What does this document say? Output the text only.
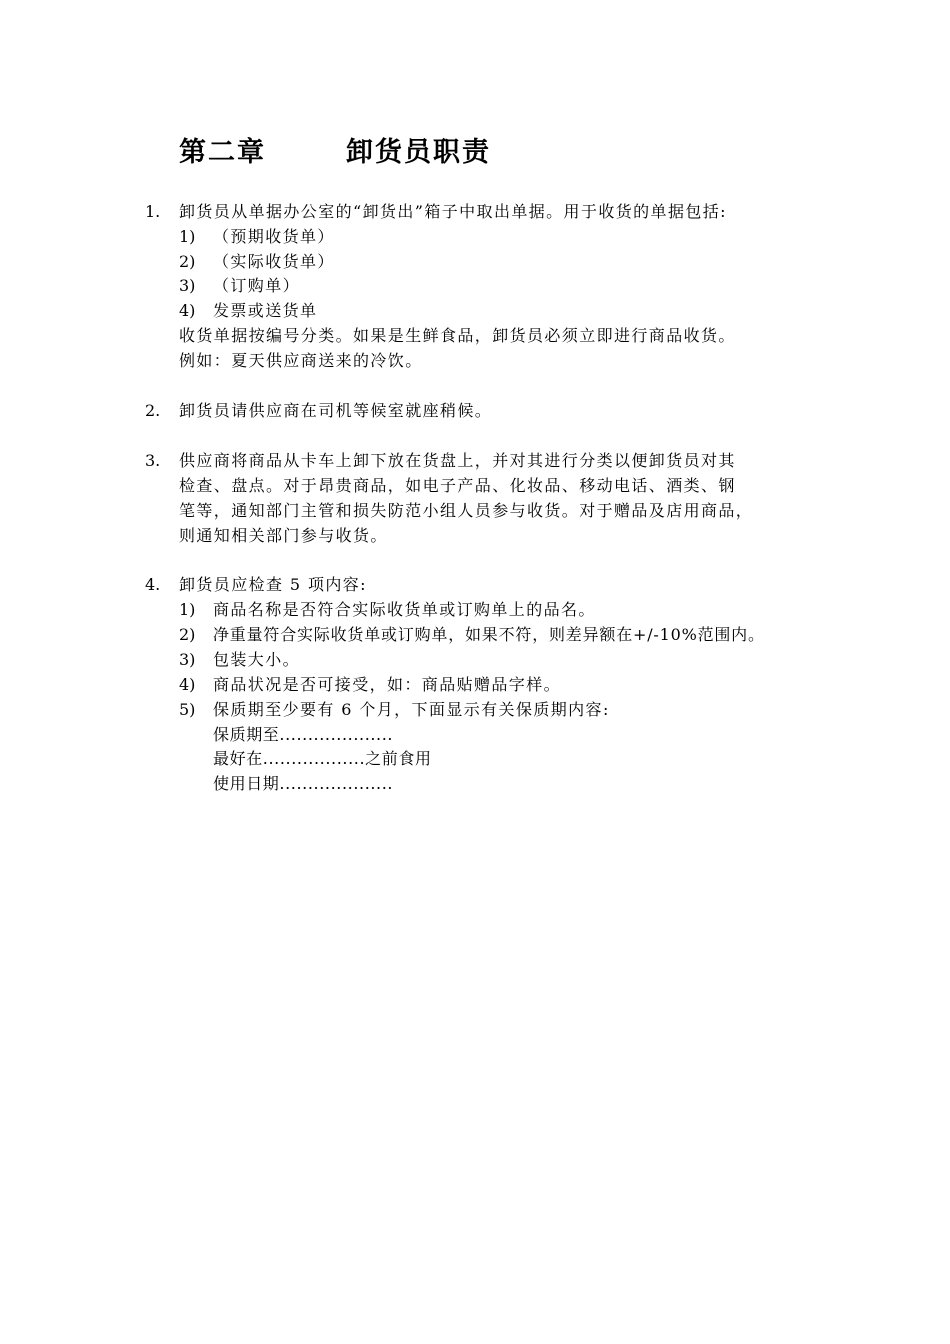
第二章	卸货员职责
1. 卸货员从单据办公室的“卸货出”箱子中取出单据。用于收货的单据包括:
1) （预期收货单）
2) （实际收货单）
3) （订购单）
4) 发票或送货单
收货单据按编号分类。如果是生鲜食品，卸货员必须立即进行商品收货。
例如：夏天供应商送来的冷饮。
2. 卸货员请供应商在司机等候室就座稍候。
3. 供应商将商品从卡车上卸下放在货盘上，并对其进行分类以便卸货员对其
检查、盘点。对于昂贵商品，如电子产品、化妆品、移动电话、酒类、钢
笔等，通知部门主管和损失防范小组人员参与收货。对于赠品及店用商品，
则通知相关部门参与收货。
4. 卸货员应检查 5 项内容:
1) 商品名称是否符合实际收货单或订购单上的品名。
2) 净重量符合实际收货单或订购单，如果不符，则差异额在+/-10%范围内。
3) 包装大小。
4) 商品状况是否可接受，如：商品贴赠品字样。
5) 保质期至少要有 6 个月，下面显示有关保质期内容:
保质期至....................
最好在..................之前食用
使用日期....................
